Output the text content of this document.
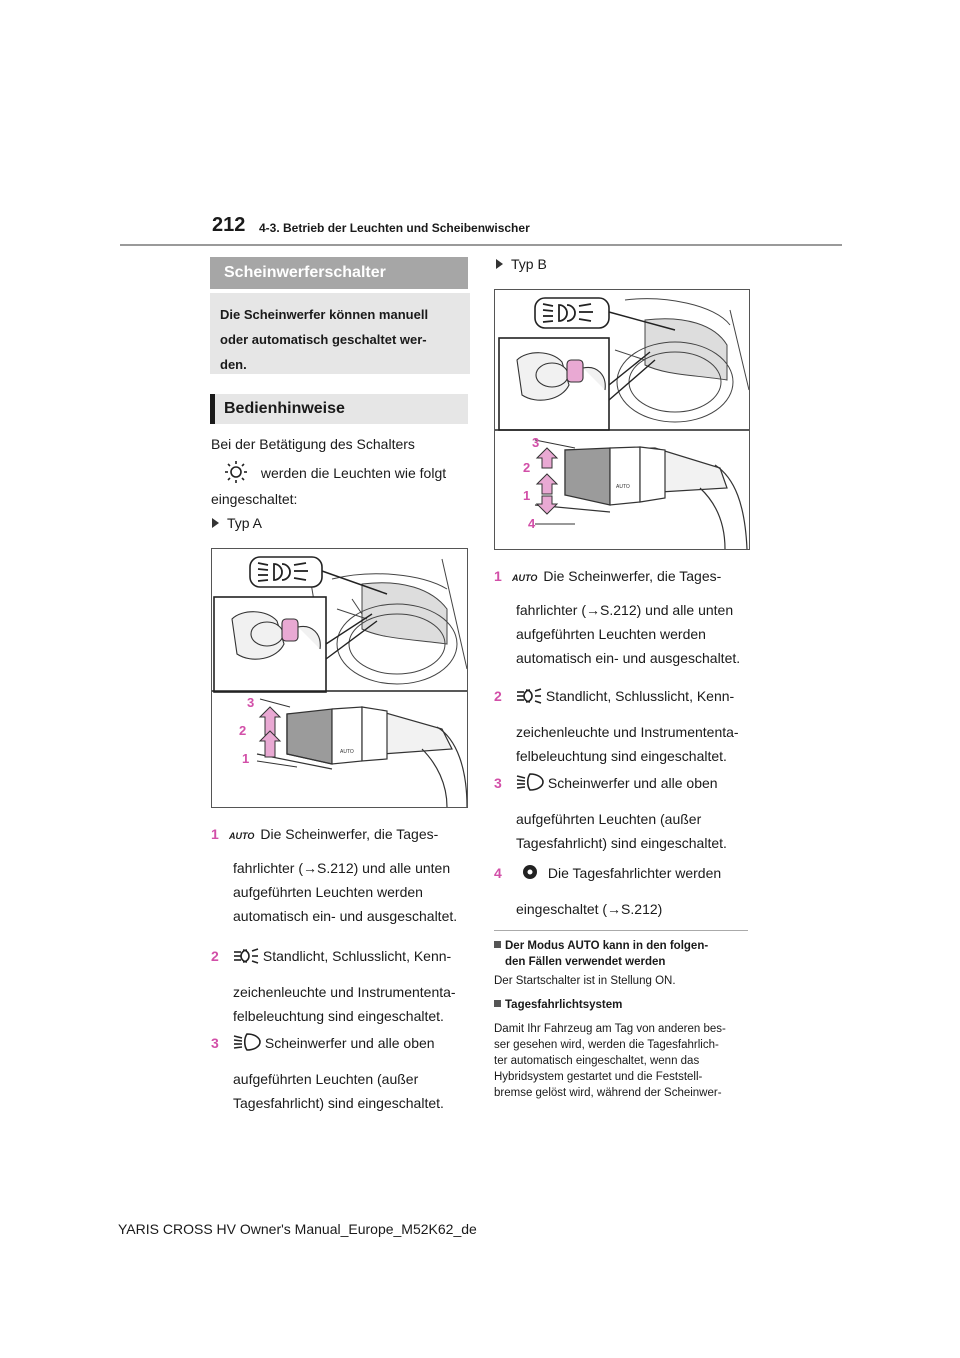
212 4-3. Betrieb der Leuchten und Scheibenwischer
Scheinwerferschalter
Die Scheinwerfer können manuell
oder automatisch geschaltet wer-
den.
Bedienhinweise
Bei der Betätigung des Schalters
werden die Leuchten wie folgt
eingeschaltet:
Typ A
AUTO
3
2
1
1 AUTO Die Scheinwerfer, die Tages-
fahrlichter (→S.212) und alle unten
aufgeführten Leuchten werden
automatisch ein- und ausgeschaltet.
2	Standlicht, Schlusslicht, Kenn-
zeichenleuchte und Instrumententa-
felbeleuchtung sind eingeschaltet.
3	Scheinwerfer und alle oben
aufgeführten Leuchten (außer
Tagesfahrlicht) sind eingeschaltet.
Typ B
AUTO
3
2
1
4
1 AUTO Die Scheinwerfer, die Tages-
fahrlichter (→S.212) und alle unten
aufgeführten Leuchten werden
automatisch ein- und ausgeschaltet.
2	Standlicht, Schlusslicht, Kenn-
zeichenleuchte und Instrumententa-
felbeleuchtung sind eingeschaltet.
3	Scheinwerfer und alle oben
aufgeführten Leuchten (außer
Tagesfahrlicht) sind eingeschaltet.
4	Die Tagesfahrlichter werden
eingeschaltet (→S.212)
Der Modus AUTO kann in den folgen-
den Fällen verwendet werden
Der Startschalter ist in Stellung ON.
Tagesfahrlichtsystem
Damit Ihr Fahrzeug am Tag von anderen bes-
ser gesehen wird, werden die Tagesfahrlich-
ter automatisch eingeschaltet, wenn das
Hybridsystem gestartet und die Feststell-
bremse gelöst wird, während der Scheinwer-
YARIS CROSS HV Owner's Manual_Europe_M52K62_de
